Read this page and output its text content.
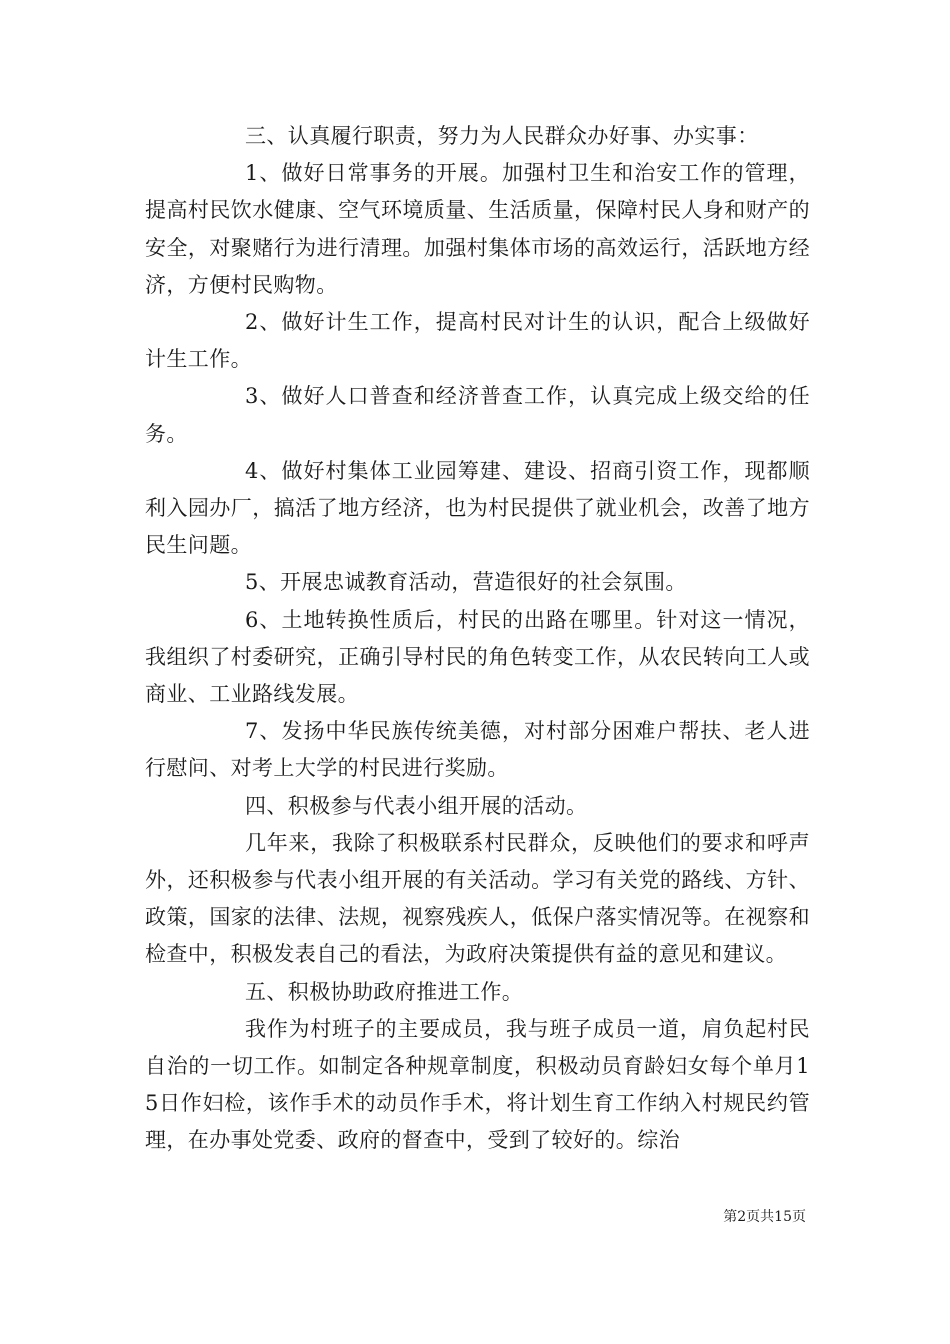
三、认真履行职责，努力为人民群众办好事、办实事：

1、做好日常事务的开展。加强村卫生和治安工作的管理，提高村民饮水健康、空气环境质量、生活质量，保障村民人身和财产的安全，对聚赌行为进行清理。加强村集体市场的高效运行，活跃地方经济，方便村民购物。

2、做好计生工作，提高村民对计生的认识，配合上级做好计生工作。

3、做好人口普查和经济普查工作，认真完成上级交给的任务。

4、做好村集体工业园筹建、建设、招商引资工作，现都顺利入园办厂，搞活了地方经济，也为村民提供了就业机会，改善了地方民生问题。

5、开展忠诚教育活动，营造很好的社会氛围。

6、土地转换性质后，村民的出路在哪里。针对这一情况，我组织了村委研究，正确引导村民的角色转变工作，从农民转向工人或商业、工业路线发展。

7、发扬中华民族传统美德，对村部分困难户帮扶、老人进行慰问、对考上大学的村民进行奖励。

四、积极参与代表小组开展的活动。

几年来，我除了积极联系村民群众，反映他们的要求和呼声外，还积极参与代表小组开展的有关活动。学习有关党的路线、方针、政策，国家的法律、法规，视察残疾人，低保户落实情况等。在视察和检查中，积极发表自己的看法，为政府决策提供有益的意见和建议。

五、积极协助政府推进工作。

我作为村班子的主要成员，我与班子成员一道，肩负起村民自治的一切工作。如制定各种规章制度，积极动员育龄妇女每个单月15日作妇检，该作手术的动员作手术，将计划生育工作纳入村规民约管理，在办事处党委、政府的督查中，受到了较好的。综治

第2页共15页
